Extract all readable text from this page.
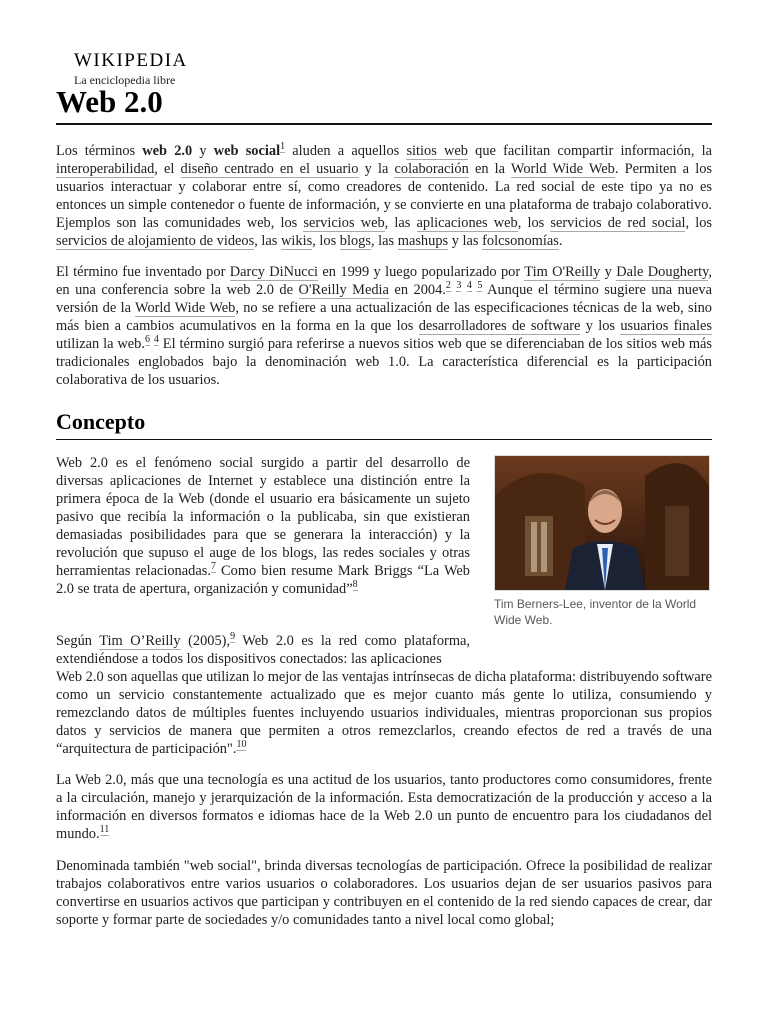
WIKIPEDIA
La enciclopedia libre
Web 2.0

Los términos web 2.0 y web social$^1$ aluden a aquellos sitios web que facilitan compartir información, la interoperabilidad, el diseño centrado en el usuario y la colaboración en la World Wide Web. Permiten a los usuarios interactuar y colaborar entre sí, como creadores de contenido. La red social de este tipo ya no es entonces un simple contenedor o fuente de información, y se convierte en una plataforma de trabajo colaborativo. Ejemplos son las comunidades web, los servicios web, las aplicaciones web, los servicios de red social, los servicios de alojamiento de videos, las wikis, los blogs, las mashups y las folcsonomías.

El término fue inventado por Darcy DiNucci en 1999 y luego popularizado por Tim O'Reilly y Dale Dougherty, en una conferencia sobre la web 2.0 de O'Reilly Media en 2004.$^2$ $^3$ $^4$ $^5$ Aunque el término sugiere una nueva versión de la World Wide Web, no se refiere a una actualización de las especificaciones técnicas de la web, sino más bien a cambios acumulativos en la forma en la que los desarrolladores de software y los usuarios finales utilizan la web.$^6$ $^4$ El término surgió para referirse a nuevos sitios web que se diferenciaban de los sitios web más tradicionales englobados bajo la denominación web 1.0. La característica diferencial es la participación colaborativa de los usuarios.

Concepto
Tim Berners-Lee, inventor de la World Wide Web.

Web 2.0 es el fenómeno social surgido a partir del desarrollo de diversas aplicaciones de Internet y establece una distinción entre la primera época de la Web (donde el usuario era básicamente un sujeto pasivo que recibía la información o la publicaba, sin que existieran demasiadas posibilidades para que se generara la interacción) y la revolución que supuso el auge de los blogs, las redes sociales y otras herramientas relacionadas.$^7$ Como bien resume Mark Briggs “La Web 2.0 se trata de apertura, organización y comunidad”$^8$

Según Tim O’Reilly (2005),$^9$ Web 2.0 es la red como plataforma, extendiéndose a todos los dispositivos conectados: las aplicaciones

Web 2.0 son aquellas que utilizan lo mejor de las ventajas intrínsecas de dicha plataforma: distribuyendo software como un servicio constantemente actualizado que es mejor cuanto más gente lo utiliza, consumiendo y remezclando datos de múltiples fuentes incluyendo usuarios individuales, mientras proporcionan sus propios datos y servicios de manera que permiten a otros remezclarlos, creando efectos de red a través de una “arquitectura de participación".$^{10}$

La Web 2.0, más que una tecnología es una actitud de los usuarios, tanto productores como consumidores, frente a la circulación, manejo y jerarquización de la información. Esta democratización de la producción y acceso a la información en diversos formatos e idiomas hace de la Web 2.0 un punto de encuentro para los ciudadanos del mundo.$^{11}$

Denominada también "web social", brinda diversas tecnologías de participación. Ofrece la posibilidad de realizar trabajos colaborativos entre varios usuarios o colaboradores. Los usuarios dejan de ser usuarios pasivos para convertirse en usuarios activos que participan y contribuyen en el contenido de la red siendo capaces de crear, dar soporte y formar parte de sociedades y/o comunidades tanto a nivel local como global;
